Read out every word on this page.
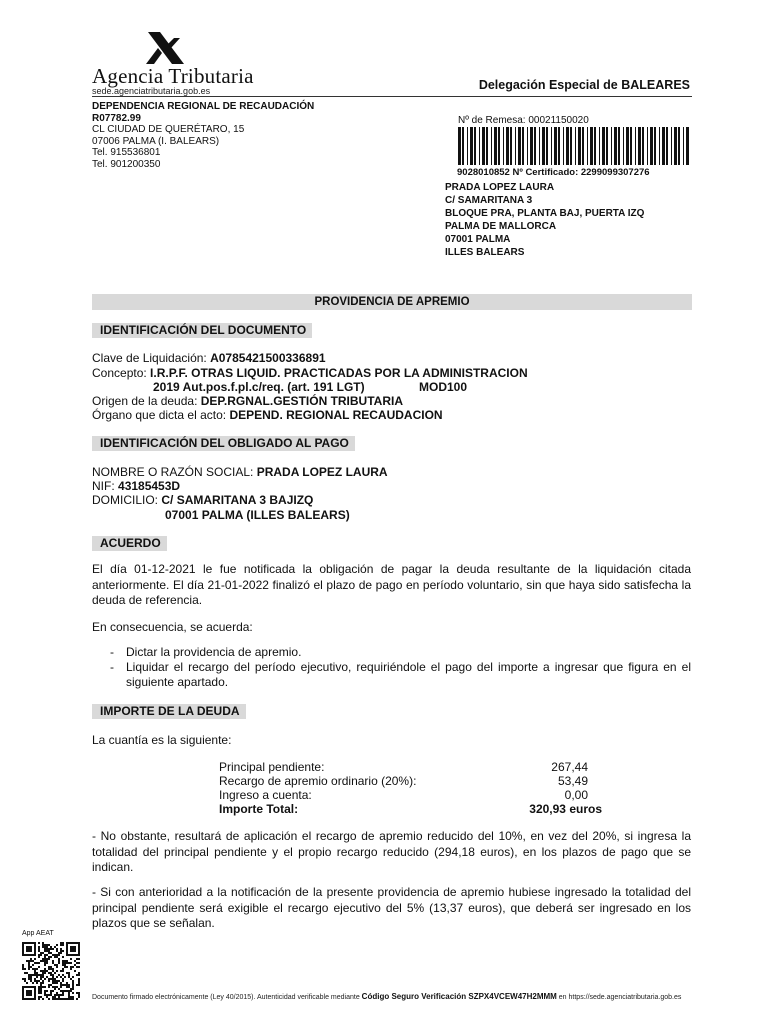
Agencia Tributaria
sede.agenciatributaria.gob.es	Delegación Especial de BALEARES
DEPENDENCIA REGIONAL DE RECAUDACIÓN
R07782.99
CL CIUDAD DE QUERÉTARO, 15
07006 PALMA (I. BALEARS)
Tel. 915536801
Tel. 901200350
Nº de Remesa: 00021150020
9028010852 Nº Certificado: 2299099307276
PRADA LOPEZ LAURA
C/ SAMARITANA 3
BLOQUE PRA, PLANTA BAJ, PUERTA IZQ
PALMA DE MALLORCA
07001 PALMA
ILLES BALEARS
PROVIDENCIA DE APREMIO
IDENTIFICACIÓN DEL DOCUMENTO
Clave de Liquidación: A0785421500336891
Concepto: I.R.P.F. OTRAS LIQUID. PRACTICADAS POR LA ADMINISTRACION
2019 Aut.pos.f.pl.c/req. (art. 191 LGT)	MOD100
Origen de la deuda: DEP.RGNAL.GESTIÓN TRIBUTARIA
Órgano que dicta el acto: DEPEND. REGIONAL RECAUDACION
IDENTIFICACIÓN DEL OBLIGADO AL PAGO
NOMBRE O RAZÓN SOCIAL: PRADA LOPEZ LAURA
NIF: 43185453D
DOMICILIO: C/ SAMARITANA 3 BAJIZQ
07001 PALMA (ILLES BALEARS)
ACUERDO
El día 01-12-2021 le fue notificada la obligación de pagar la deuda resultante de la liquidación citada anteriormente. El día 21-01-2022 finalizó el plazo de pago en período voluntario, sin que haya sido satisfecha la deuda de referencia.
En consecuencia, se acuerda:
- Dictar la providencia de apremio.
- Liquidar el recargo del período ejecutivo, requiriéndole el pago del importe a ingresar que figura en el siguiente apartado.
IMPORTE DE LA DEUDA
La cuantía es la siguiente:
Principal pendiente:	267,44
Recargo de apremio ordinario (20%):	53,49
Ingreso a cuenta:	0,00
Importe Total:	320,93 euros
- No obstante, resultará de aplicación el recargo de apremio reducido del 10%, en vez del 20%, si ingresa la totalidad del principal pendiente y el propio recargo reducido (294,18 euros), en los plazos de pago que se indican.
- Si con anterioridad a la notificación de la presente providencia de apremio hubiese ingresado la totalidad del principal pendiente será exigible el recargo ejecutivo del 5% (13,37 euros), que deberá ser ingresado en los plazos que se señalan.
App AEAT
Documento firmado electrónicamente (Ley 40/2015). Autenticidad verificable mediante Código Seguro Verificación SZPX4VCEW47H2MMM en https://sede.agenciatributaria.gob.es
